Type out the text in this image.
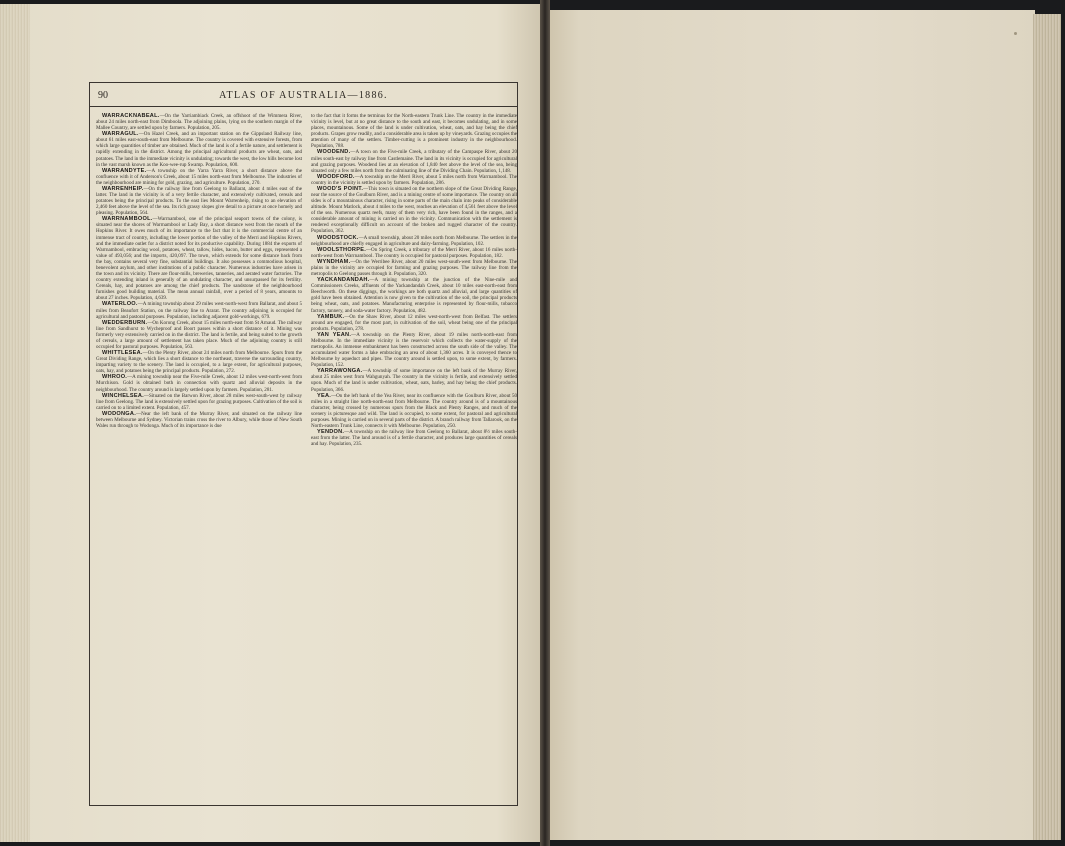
90	ATLAS OF AUSTRALIA—1886.

WARRACKNABEAL.—On the Yarriambiack Creek, an offshoot of the Wimmera River, about 24 miles north-east from Dimboola. The adjoining plains, lying on the southern margin of the Mallee Country, are settled upon by farmers. Population, 205.

WARRAGUL.—On Hazel Creek, and an important station on the Gippsland Railway line, about 61 miles east-south-east from Melbourne. The country is covered with extensive forests, from which large quantities of timber are obtained. Much of the land is of a fertile nature, and settlement is rapidly extending in the district. Among the principal agricultural products are wheat, oats, and potatoes. The land in the immediate vicinity is undulating; towards the west, the low hills become lost in the vast marsh known as the Koo-wee-rup Swamp. Population, 600.

WARRANDYTE.—A township on the Yarra Yarra River, a short distance above the confluence with it of Anderson's Creek, about 15 miles north-east from Melbourne. The industries of the neighbourhood are mining for gold, grazing, and agriculture. Population, 270.

WARRENHEIP.—On the railway line from Geelong to Ballarat, about 4 miles east of the latter. The land in the vicinity is of a very fertile character, and extensively cultivated, cereals and potatoes being the principal products. To the east lies Mount Warrenheip, rising to an elevation of 2,460 feet above the level of the sea. Its rich grassy slopes give detail to a picture at once homely and pleasing. Population, 564.

WARRNAMBOOL.—Warrnambool, one of the principal seaport towns of the colony, is situated near the shores of Warrnambool or Lady Bay, a short distance west from the mouth of the Hopkins River. It owes much of its importance to the fact that it is the commercial centre of an immense tract of country, including the lower portion of the valley of the Merri and Hopkins Rivers, and the immediate outlet for a district noted for its productive capability. During 1884 the exports of Warrnambool, embracing wool, potatoes, wheat, tallow, hides, bacon, butter and eggs, represented a value of 493,056; and the imports, 420,097. The town, which extends for some distance back from the bay, contains several very fine, substantial buildings. It also possesses a commodious hospital, benevolent asylum, and other institutions of a public character. Numerous industries have arisen in the town and its vicinity. There are flour-mills, breweries, tanneries, and aerated water factories. The country extending inland is generally of an undulating character, and unsurpassed for its fertility. Cereals, hay, and potatoes are among the chief products. The sandstone of the neighbourhood furnishes good building material. The mean annual rainfall, over a period of 8 years, amounts to about 27 inches. Population, 4,639.

WATERLOO.—A mining township about 29 miles west-north-west from Ballarat, and about 5 miles from Beaufort Station, on the railway line to Ararat. The country adjoining is occupied for agricultural and pastoral purposes. Population, including adjacent gold-workings, 679.

WEDDERBURN.—On Korong Creek, about 15 miles north-east from St Arnaud. The railway line from Sandhurst to Wycheproof and Boort passes within a short distance of it. Mining was formerly very extensively carried on in the district. The land is fertile, and being suited to the growth of cereals, a large amount of settlement has taken place. Much of the adjoining country is still occupied for pastoral purposes. Population, 563.

WHITTLESEA.—On the Plenty River, about 24 miles north from Melbourne. Spurs from the Great Dividing Range, which lies a short distance to the northeast, traverse the surrounding country, imparting variety to the scenery. The land is occupied, to a large extent, for agricultural purposes, oats, hay, and potatoes being the principal products. Population, 272.

WHROO.—A mining township near the Five-mile Creek, about 12 miles west-north-west from Murchison. Gold is obtained both in connection with quartz and alluvial deposits in the neighbourhood. The country around is largely settled upon by farmers. Population, 281.

WINCHELSEA.—Situated on the Barwon River, about 28 miles west-south-west by railway line from Geelong. The land is extensively settled upon for grazing purposes. Cultivation of the soil is carried on to a limited extent. Population, 457.

WODONGA.—Near the left bank of the Murray River, and situated on the railway line between Melbourne and Sydney. Victorian trains cross the river to Albury, while those of New South Wales run through to Wodonga. Much of its importance is due

to the fact that it forms the terminus for the North-eastern Trunk Line. The country in the immediate vicinity is level, but at no great distance to the south and east, it becomes undulating, and in some places, mountainous. Some of the land is under cultivation, wheat, oats, and hay being the chief products. Grapes grow readily, and a considerable area is taken up by vineyards. Grazing occupies the attention of many of the settlers. Timber-cutting is a prominent industry in the neighbourhood. Population, 788.

WOODEND.—A town on the Five-mile Creek, a tributary of the Campaspe River, about 20 miles south-east by railway line from Castlemaine. The land in its vicinity is occupied for agricultural and grazing purposes. Woodend lies at an elevation of 1,840 feet above the level of the sea, being situated only a few miles north from the culminating line of the Dividing Chain. Population, 1,148.

WOODFORD.—A township on the Merri River, about 5 miles north from Warrnambool. The country in the vicinity is settled upon by farmers. Population, 286.

WOOD'S POINT.—This town is situated on the northern slope of the Great Dividing Range, near the source of the Goulburn River, and is a mining centre of some importance. The country on all sides is of a mountainous character, rising in some parts of the main chain into peaks of considerable altitude. Mount Matlock, about 4 miles to the west, reaches an elevation of 4,561 feet above the level of the sea. Numerous quartz reefs, many of them very rich, have been found in the ranges, and a considerable amount of mining is carried on in the vicinity. Communication with the settlement is rendered exceptionally difficult on account of the broken and rugged character of the country. Population, 362.

WOODSTOCK.—A small township, about 20 miles north from Melbourne. The settlers in the neighbourhood are chiefly engaged in agriculture and dairy-farming. Population, 102.

WOOLSTHORPE.—On Spring Creek, a tributary of the Merri River, about 16 miles north-north-west from Warrnambool. The country is occupied for pastoral purposes. Population, 182.

WYNDHAM.—On the Werribee River, about 20 miles west-south-west from Melbourne. The plains in the vicinity are occupied for farming and grazing purposes. The railway line from the metropolis to Geelong passes through it. Population, 320.

YACKANDANDAH.—A mining township at the junction of the Nine-mile and Commissioners Creeks, affluents of the Yackandandah Creek, about 10 miles east-north-east from Beechworth. On these diggings, the workings are both quartz and alluvial, and large quantities of gold have been obtained. Attention is now given to the cultivation of the soil, the principal products being wheat, oats, and potatoes. Manufacturing enterprise is represented by flour-mills, tobacco factory, tannery, and soda-water factory. Population, 482.

YAMBUK.—On the Shaw River, about 12 miles west-north-west from Belfast. The settlers around are engaged, for the most part, in cultivation of the soil, wheat being one of the principal products. Population, 278.

YAN YEAN.—A township on the Plenty River, about 19 miles north-north-east from Melbourne. In the immediate vicinity is the reservoir which collects the water-supply of the metropolis. An immense embankment has been constructed across the south side of the valley. The accumulated water forms a lake embracing an area of about 1,360 acres. It is conveyed thence to Melbourne by aqueduct and pipes. The country around is settled upon, to some extent, by farmers. Population, 152.

YARRAWONGA.—A township of some importance on the left bank of the Murray River, about 25 miles west from Wahgunyah. The country in the vicinity is fertile, and extensively settled upon. Much of the land is under cultivation, wheat, oats, barley, and hay being the chief products. Population, 366.

YEA.—On the left bank of the Yea River, near its confluence with the Goulburn River, about 50 miles in a straight line north-north-east from Melbourne. The country around is of a mountainous character, being crossed by numerous spurs from the Black and Plenty Ranges, and much of the scenery is picturesque and wild. The land is occupied, to some extent, for pastoral and agricultural purposes. Mining is carried on in several parts of the district. A branch railway from Tallarook, on the North-eastern Trunk Line, connects it with Melbourne. Population, 250.

YENDON.—A township on the railway line from Geelong to Ballarat, about 8½ miles south-east from the latter. The land around is of a fertile character, and produces large quantities of cereals and hay. Population, 235.
